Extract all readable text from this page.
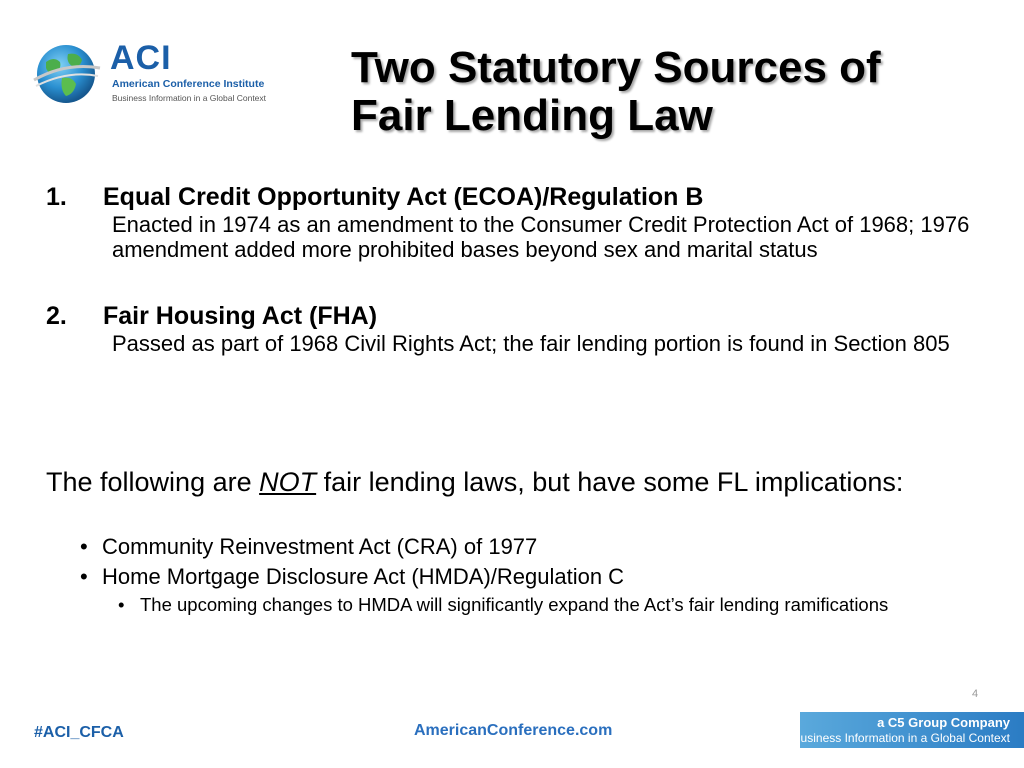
ACI
American Conference Institute
Business Information in a Global Context
Two Statutory Sources of
Fair Lending Law
1.	Equal Credit Opportunity Act (ECOA)/Regulation B
Enacted in 1974 as an amendment to the Consumer Credit Protection Act of 1968; 1976 amendment added more prohibited bases beyond sex and marital status
2.	Fair Housing Act (FHA)
Passed as part of 1968 Civil Rights Act; the fair lending portion is found in Section 805

The following are NOT fair lending laws, but have some FL implications:

• Community Reinvestment Act (CRA) of 1977
• Home Mortgage Disclosure Act (HMDA)/Regulation C
• The upcoming changes to HMDA will significantly expand the Act’s fair lending ramifications
4
#ACI_CFCA	AmericanConference.com	a C5 Group Company
Business Information in a Global Context
